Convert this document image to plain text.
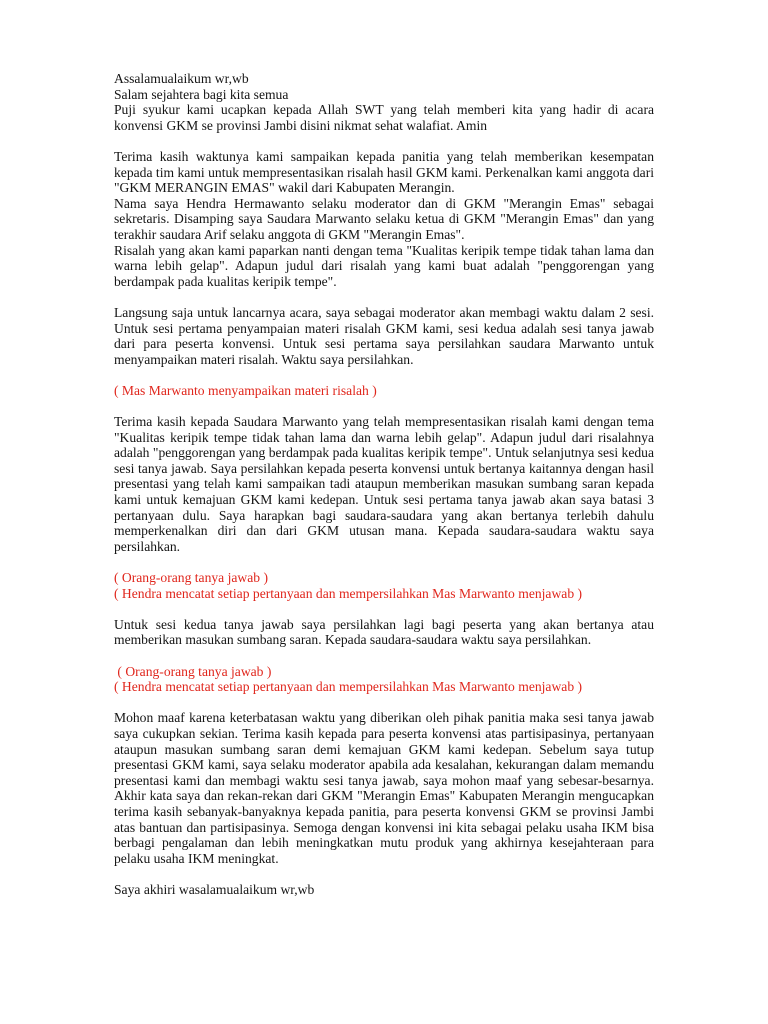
Assalamualaikum wr,wb

Salam sejahtera bagi kita semua

Puji syukur kami ucapkan kepada Allah SWT yang telah memberi kita yang hadir di acara konvensi GKM se provinsi Jambi disini nikmat sehat walafiat. Amin

Terima kasih waktunya kami sampaikan kepada panitia yang telah memberikan kesempatan kepada tim kami untuk mempresentasikan risalah hasil GKM kami. Perkenalkan kami anggota dari "GKM MERANGIN EMAS" wakil dari Kabupaten Merangin.

Nama saya Hendra Hermawanto selaku moderator dan di GKM "Merangin Emas" sebagai sekretaris. Disamping saya Saudara Marwanto selaku ketua di GKM "Merangin Emas" dan yang terakhir saudara Arif selaku anggota di GKM "Merangin Emas".

Risalah yang akan kami paparkan nanti dengan tema "Kualitas keripik tempe tidak tahan lama dan warna lebih gelap". Adapun judul dari risalah yang kami buat adalah "penggorengan yang berdampak pada kualitas keripik tempe".

Langsung saja untuk lancarnya acara, saya sebagai moderator akan membagi waktu dalam 2 sesi. Untuk sesi pertama penyampaian materi risalah GKM kami, sesi kedua adalah sesi tanya jawab dari para peserta konvensi. Untuk sesi pertama saya persilahkan saudara Marwanto untuk menyampaikan materi risalah. Waktu saya persilahkan.

( Mas Marwanto menyampaikan materi risalah )

Terima kasih kepada Saudara Marwanto yang telah mempresentasikan risalah kami dengan tema "Kualitas keripik tempe tidak tahan lama dan warna lebih gelap". Adapun judul dari risalahnya adalah "penggorengan yang berdampak pada kualitas keripik tempe". Untuk selanjutnya sesi kedua sesi tanya jawab. Saya persilahkan kepada peserta konvensi untuk bertanya kaitannya dengan hasil presentasi yang telah kami sampaikan tadi ataupun memberikan masukan sumbang saran kepada kami untuk kemajuan GKM kami kedepan. Untuk sesi pertama tanya jawab akan saya batasi 3 pertanyaan dulu. Saya harapkan bagi saudara-saudara yang akan bertanya terlebih dahulu memperkenalkan diri dan dari GKM utusan mana. Kepada saudara-saudara waktu saya persilahkan.

( Orang-orang tanya jawab )

( Hendra mencatat setiap pertanyaan dan mempersilahkan Mas Marwanto menjawab )

Untuk sesi kedua tanya jawab saya persilahkan lagi bagi peserta yang akan bertanya atau memberikan masukan sumbang saran. Kepada saudara-saudara waktu saya persilahkan.

( Orang-orang tanya jawab )

( Hendra mencatat setiap pertanyaan dan mempersilahkan Mas Marwanto menjawab )

Mohon maaf karena keterbatasan waktu yang diberikan oleh pihak panitia maka sesi tanya jawab saya cukupkan sekian. Terima kasih kepada para peserta konvensi atas partisipasinya, pertanyaan ataupun masukan sumbang saran demi kemajuan GKM kami kedepan. Sebelum saya tutup presentasi GKM kami, saya selaku moderator apabila ada kesalahan, kekurangan dalam memandu presentasi kami dan membagi waktu sesi tanya jawab, saya mohon maaf yang sebesar-besarnya. Akhir kata saya dan rekan-rekan dari GKM "Merangin Emas" Kabupaten Merangin mengucapkan terima kasih sebanyak-banyaknya kepada panitia, para peserta konvensi GKM se provinsi Jambi atas bantuan dan partisipasinya. Semoga dengan konvensi ini kita sebagai pelaku usaha IKM bisa berbagi pengalaman dan lebih meningkatkan mutu produk yang akhirnya kesejahteraan para pelaku usaha IKM meningkat.

Saya akhiri wasalamualaikum wr,wb
